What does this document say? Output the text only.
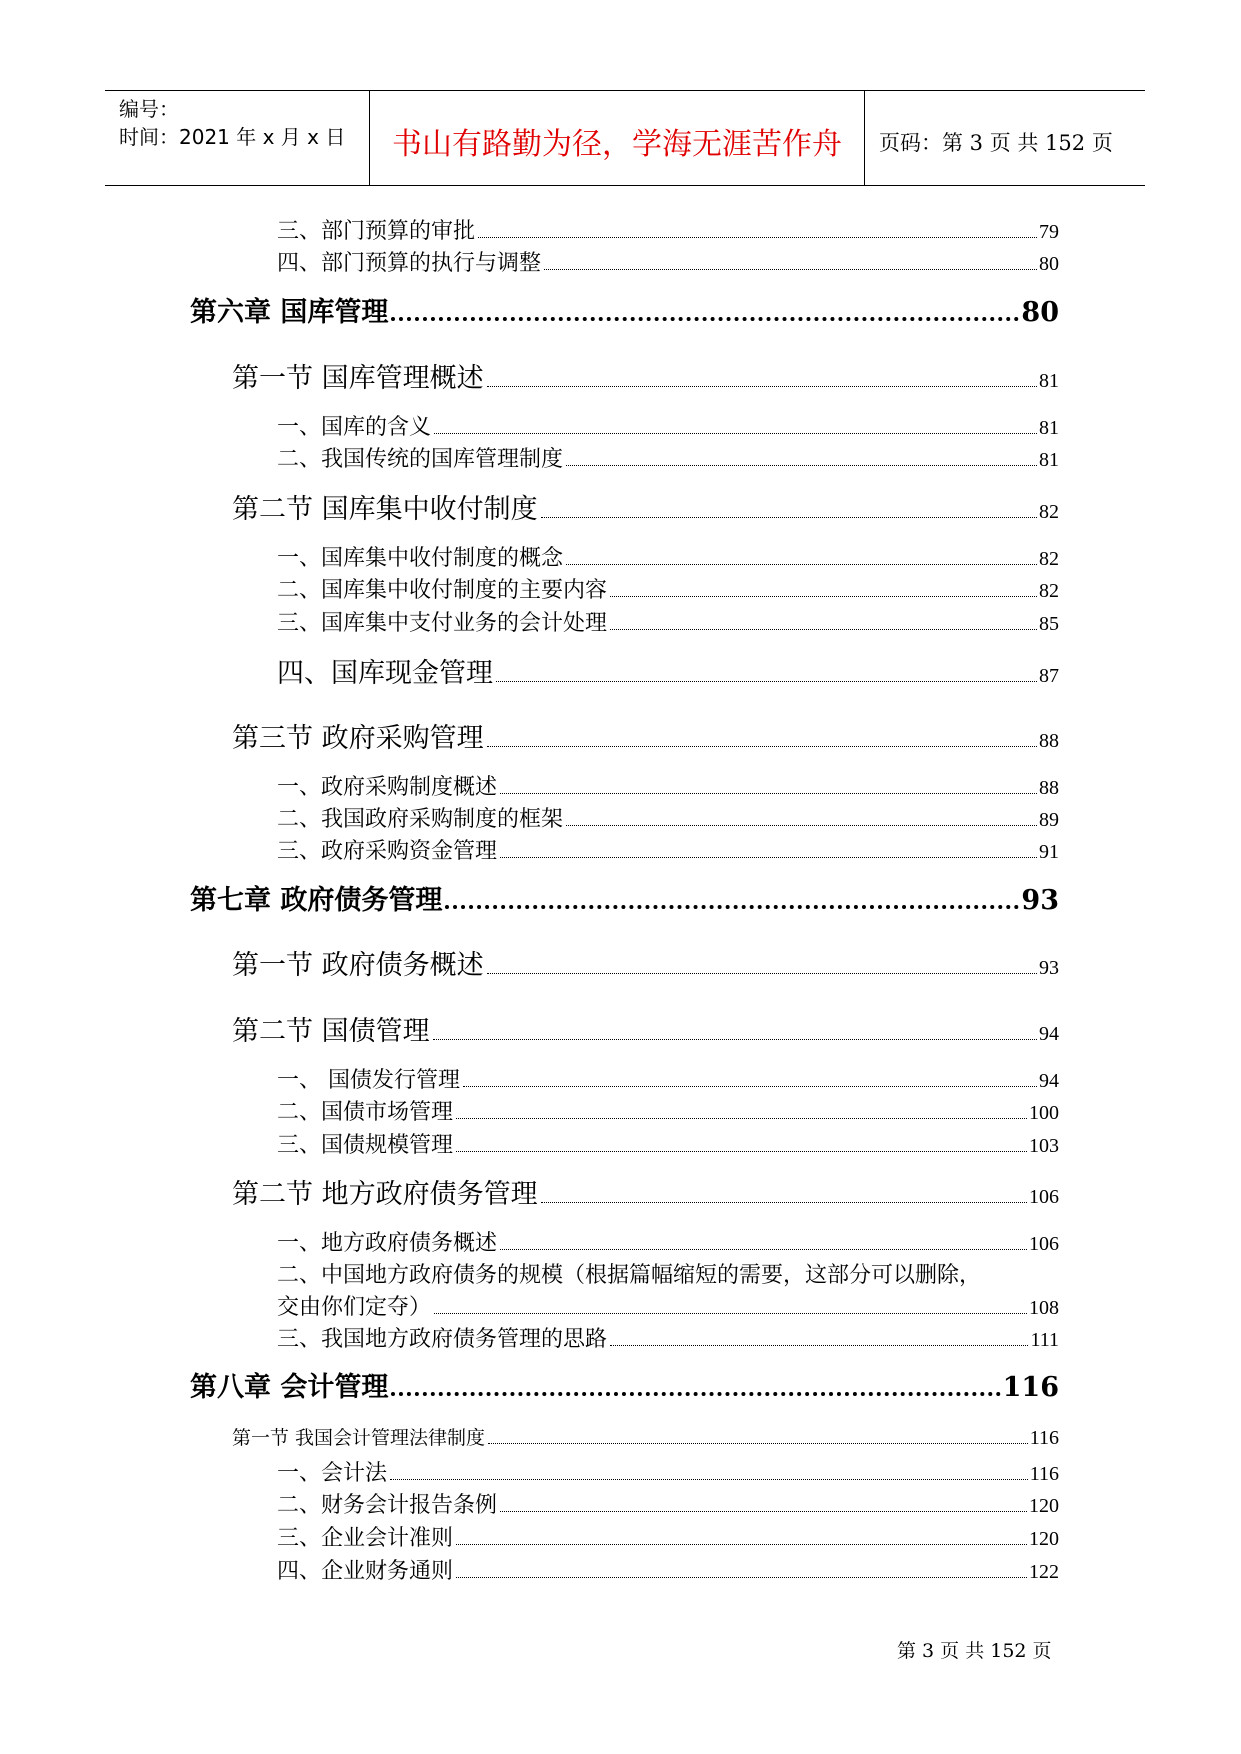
编号：
时间：2021 年 x 月 x 日	书山有路勤为径，学海无涯苦作舟	页码：第 3 页 共 152 页
三、部门预算的审批	79
四、部门预算的执行与调整	80
第六章 国库管理	80
第一节 国库管理概述	81
一、国库的含义	81
二、我国传统的国库管理制度	81
第二节 国库集中收付制度	82
一、国库集中收付制度的概念	82
二、国库集中收付制度的主要内容	82
三、国库集中支付业务的会计处理	85
四、国库现金管理	87
第三节 政府采购管理	88
一、政府采购制度概述	88
二、我国政府采购制度的框架	89
三、政府采购资金管理	91
第七章 政府债务管理	93
第一节 政府债务概述	93
第二节 国债管理	94
一、 国债发行管理	94
二、国债市场管理	100
三、国债规模管理	103
第二节 地方政府债务管理	106
一、地方政府债务概述	106
二、中国地方政府债务的规模（根据篇幅缩短的需要，这部分可以删除，
交由你们定夺）	108
三、我国地方政府债务管理的思路	111
第八章 会计管理	116
第一节 我国会计管理法律制度	116
一、会计法	116
二、财务会计报告条例	120
三、企业会计准则	120
四、企业财务通则	122
第 3 页 共 152 页
